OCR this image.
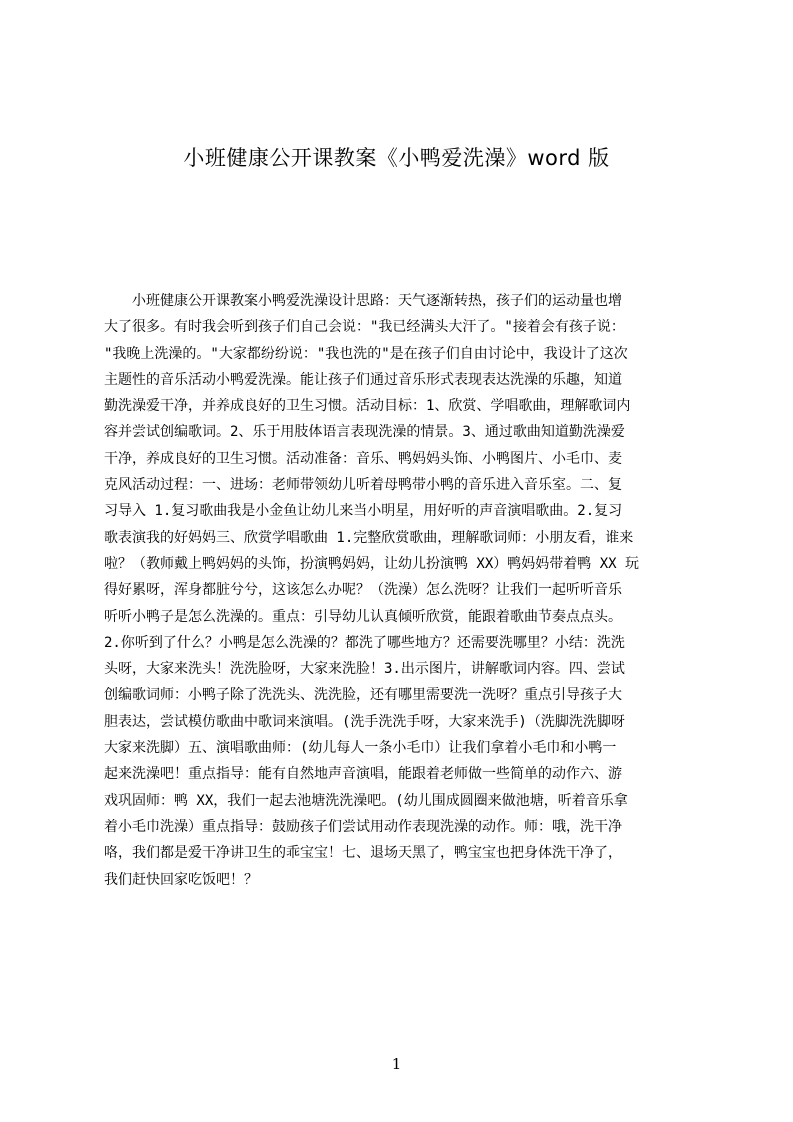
小班健康公开课教案《小鸭爱洗澡》word 版
　　小班健康公开课教案小鸭爱洗澡设计思路：天气逐渐转热，孩子们的运动量也增
大了很多。有时我会听到孩子们自己会说："我已经满头大汗了。"接着会有孩子说：
"我晚上洗澡的。"大家都纷纷说："我也洗的"是在孩子们自由讨论中，我设计了这次
主题性的音乐活动小鸭爱洗澡。能让孩子们通过音乐形式表现表达洗澡的乐趣，知道
勤洗澡爱干净，并养成良好的卫生习惯。活动目标：1、欣赏、学唱歌曲，理解歌词内
容并尝试创编歌词。2、乐于用肢体语言表现洗澡的情景。3、通过歌曲知道勤洗澡爱
干净，养成良好的卫生习惯。活动准备：音乐、鸭妈妈头饰、小鸭图片、小毛巾、麦
克风活动过程：一、进场：老师带领幼儿听着母鸭带小鸭的音乐进入音乐室。二、复
习导入 1.复习歌曲我是小金鱼让幼儿来当小明星，用好听的声音演唱歌曲。2.复习
歌表演我的好妈妈三、欣赏学唱歌曲 1.完整欣赏歌曲，理解歌词师：小朋友看，谁来
啦？（教师戴上鸭妈妈的头饰，扮演鸭妈妈，让幼儿扮演鸭 XX）鸭妈妈带着鸭 XX 玩
得好累呀，浑身都脏兮兮，这该怎么办呢？（洗澡）怎么洗呀？让我们一起听听音乐
听听小鸭子是怎么洗澡的。重点：引导幼儿认真倾听欣赏，能跟着歌曲节奏点点头。
2.你听到了什么？小鸭是怎么洗澡的？都洗了哪些地方？还需要洗哪里？小结：洗洗
头呀，大家来洗头！洗洗脸呀，大家来洗脸！3.出示图片，讲解歌词内容。四、尝试
创编歌词师：小鸭子除了洗洗头、洗洗脸，还有哪里需要洗一洗呀？重点引导孩子大
胆表达，尝试模仿歌曲中歌词来演唱。(洗手洗洗手呀，大家来洗手)（洗脚洗洗脚呀
大家来洗脚）五、演唱歌曲师：(幼儿每人一条小毛巾）让我们拿着小毛巾和小鸭一
起来洗澡吧！重点指导：能有自然地声音演唱，能跟着老师做一些简单的动作六、游
戏巩固师：鸭 XX，我们一起去池塘洗洗澡吧。(幼儿围成圆圈来做池塘，听着音乐拿
着小毛巾洗澡）重点指导：鼓励孩子们尝试用动作表现洗澡的动作。师：哦，洗干净
咯，我们都是爱干净讲卫生的乖宝宝！七、退场天黑了，鸭宝宝也把身体洗干净了，
我们赶快回家吃饭吧！？
1
